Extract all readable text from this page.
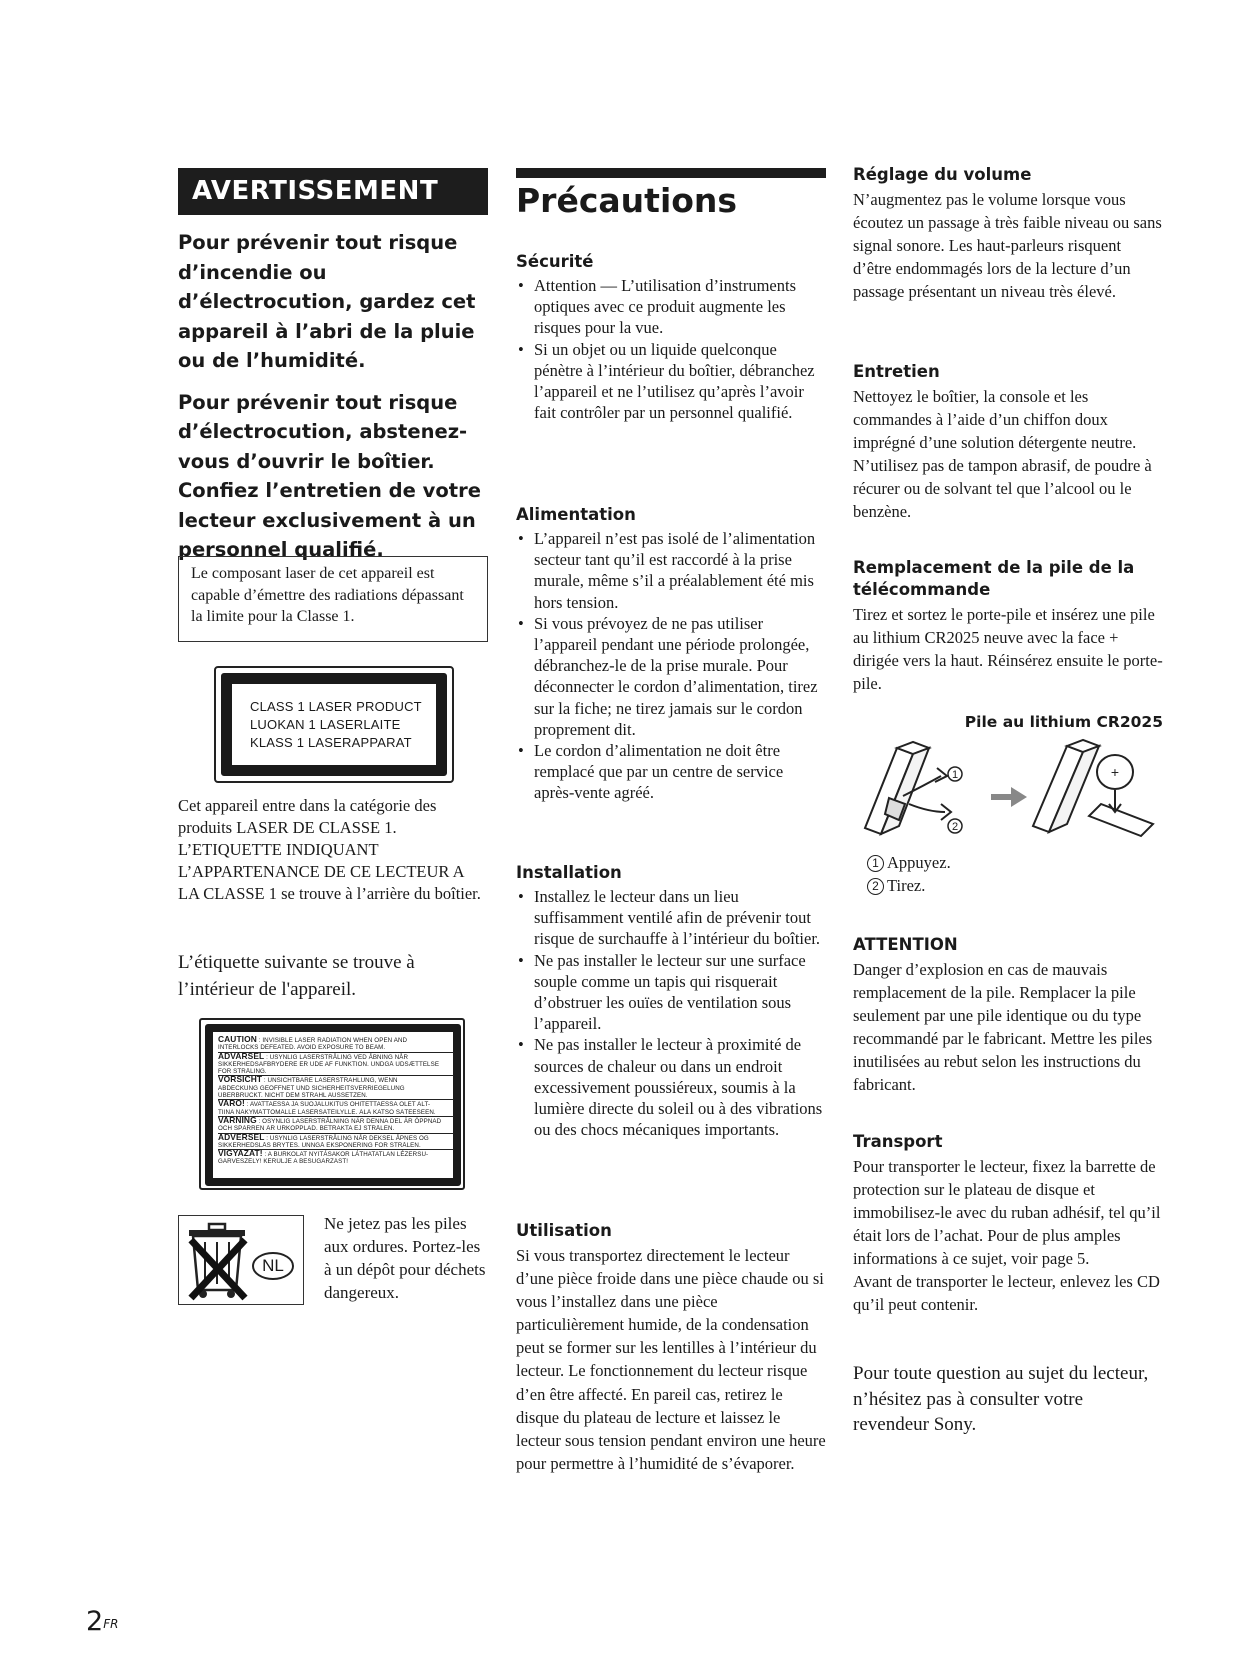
AVERTISSEMENT

Pour prévenir tout risque d’incendie ou d’électrocution, gardez cet appareil à l’abri de la pluie ou de l’humidité.

Pour prévenir tout risque d’électrocution, abstenez-vous d’ouvrir le boîtier. Confiez l’entretien de votre lecteur exclusivement à un personnel qualifié.

Le composant laser de cet appareil est capable d’émettre des radiations dépassant la limite pour la Classe 1.
CLASS 1 LASER PRODUCT
LUOKAN 1 LASERLAITE
KLASS 1 LASERAPPARAT

Cet appareil entre dans la catégorie des produits LASER DE CLASSE 1. L’ETIQUETTE INDIQUANT L’APPARTENANCE DE CE LECTEUR A LA CLASSE 1 se trouve à l’arrière du boîtier.

L’étiquette suivante se trouve à l’intérieur de l'appareil.

CAUTION : INVISIBLE LASER RADIATION WHEN OPEN AND
INTERLOCKS DEFEATED. AVOID EXPOSURE TO BEAM.
ADVARSEL : USYNLIG LASERSTRÅLING VED ÅBNING NÅR
SIKKERHEDSAFBRYDERE ER UDE AF FUNKTION. UNDGÅ UDSÆTTELSE
FOR STRÅLING.
VORSICHT : UNSICHTBARE LASERSTRAHLUNG, WENN
ABDECKUNG GEÖFFNET UND SICHERHEITSVERRIEGELUNG
ÜBERBRÜCKT. NICHT DEM STRAHL AUSSETZEN.
VARO! : AVATTAESSA JA SUOJALUKITUS OHITETTAESSA OLET ALT-
TIINA NÄKYMÄTTÖMÄLLE LASERSÄTEILYLLE. ÄLÄ KATSO SÄTEESEEN.
VARNING : OSYNLIG LASERSTRÅLNING NÄR DENNA DEL ÄR ÖPPNAD
OCH SPÄRREN ÄR URKOPPLAD. BETRAKTA EJ STRÅLEN.
ADVERSEL : USYNLIG LASERSTRÅLING NÅR DEKSEL ÅPNES OG
SIKKERHEDSLÅS BRYTES. UNNGÅ EKSPONERING FOR STRÅLEN.
VIGYAZAT! : A BURKOLAT NYITÁSAKOR LÁTHATATLAN LÉZERSU-
GÁRVESZÉLY! KERÜLJE A BESUGÁRZÁST!
NL

Ne jetez pas les piles aux ordures. Portez-les à un dépôt pour déchets dangereux.

Précautions
Sécurité
• Attention — L’utilisation d’instruments optiques avec ce produit augmente les risques pour la vue.
• Si un objet ou un liquide quelconque pénètre à l’intérieur du boîtier, débranchez l’appareil et ne l’utilisez qu’après l’avoir fait contrôler par un personnel qualifié.
Alimentation
• L’appareil n’est pas isolé de l’alimentation secteur tant qu’il est raccordé à la prise murale, même s’il a préalablement été mis hors tension.
• Si vous prévoyez de ne pas utiliser l’appareil pendant une période prolongée, débranchez-le de la prise murale. Pour déconnecter le cordon d’alimentation, tirez sur la fiche; ne tirez jamais sur le cordon proprement dit.
• Le cordon d’alimentation ne doit être remplacé que par un centre de service après-vente agréé.
Installation
• Installez le lecteur dans un lieu suffisamment ventilé afin de prévenir tout risque de surchauffe à l’intérieur du boîtier.
• Ne pas installer le lecteur sur une surface souple comme un tapis qui risquerait d’obstruer les ouïes de ventilation sous l’appareil.
• Ne pas installer le lecteur à proximité de sources de chaleur ou dans un endroit excessivement poussiéreux, soumis à la lumière directe du soleil ou à des vibrations ou des chocs mécaniques importants.
Utilisation

Si vous transportez directement le lecteur d’une pièce froide dans une pièce chaude ou si vous l’installez dans une pièce particulièrement humide, de la condensation peut se former sur les lentilles à l’intérieur du lecteur. Le fonctionnement du lecteur risque d’en être affecté. En pareil cas, retirez le disque du plateau de lecture et laissez le lecteur sous tension pendant environ une heure pour permettre à l’humidité de s’évaporer.

Réglage du volume

N’augmentez pas le volume lorsque vous écoutez un passage à très faible niveau ou sans signal sonore. Les haut-parleurs risquent d’être endommagés lors de la lecture d’un passage présentant un niveau très élevé.

Entretien

Nettoyez le boîtier, la console et les commandes à l’aide d’un chiffon doux imprégné d’une solution détergente neutre. N’utilisez pas de tampon abrasif, de poudre à récurer ou de solvant tel que l’alcool ou le benzène.

Remplacement de la pile de la télécommande

Tirez et sortez le porte-pile et insérez une pile au lithium CR2025 neuve avec la face + dirigée vers la haut. Réinsérez ensuite le porte-pile.

Pile au lithium CR2025
1
2
+
1 Appuyez.
2 Tirez.
ATTENTION

Danger d’explosion en cas de mauvais remplacement de la pile. Remplacer la pile seulement par une pile identique ou du type recommandé par le fabricant. Mettre les piles inutilisées au rebut selon les instructions du fabricant.

Transport

Pour transporter le lecteur, fixez la barrette de protection sur le plateau de disque et immobilisez-le avec du ruban adhésif, tel qu’il était lors de l’achat. Pour de plus amples informations à ce sujet, voir page 5.

Avant de transporter le lecteur, enlevez les CD qu’il peut contenir.

Pour toute question au sujet du lecteur, n’hésitez pas à consulter votre revendeur Sony.

$2^{FR}$
